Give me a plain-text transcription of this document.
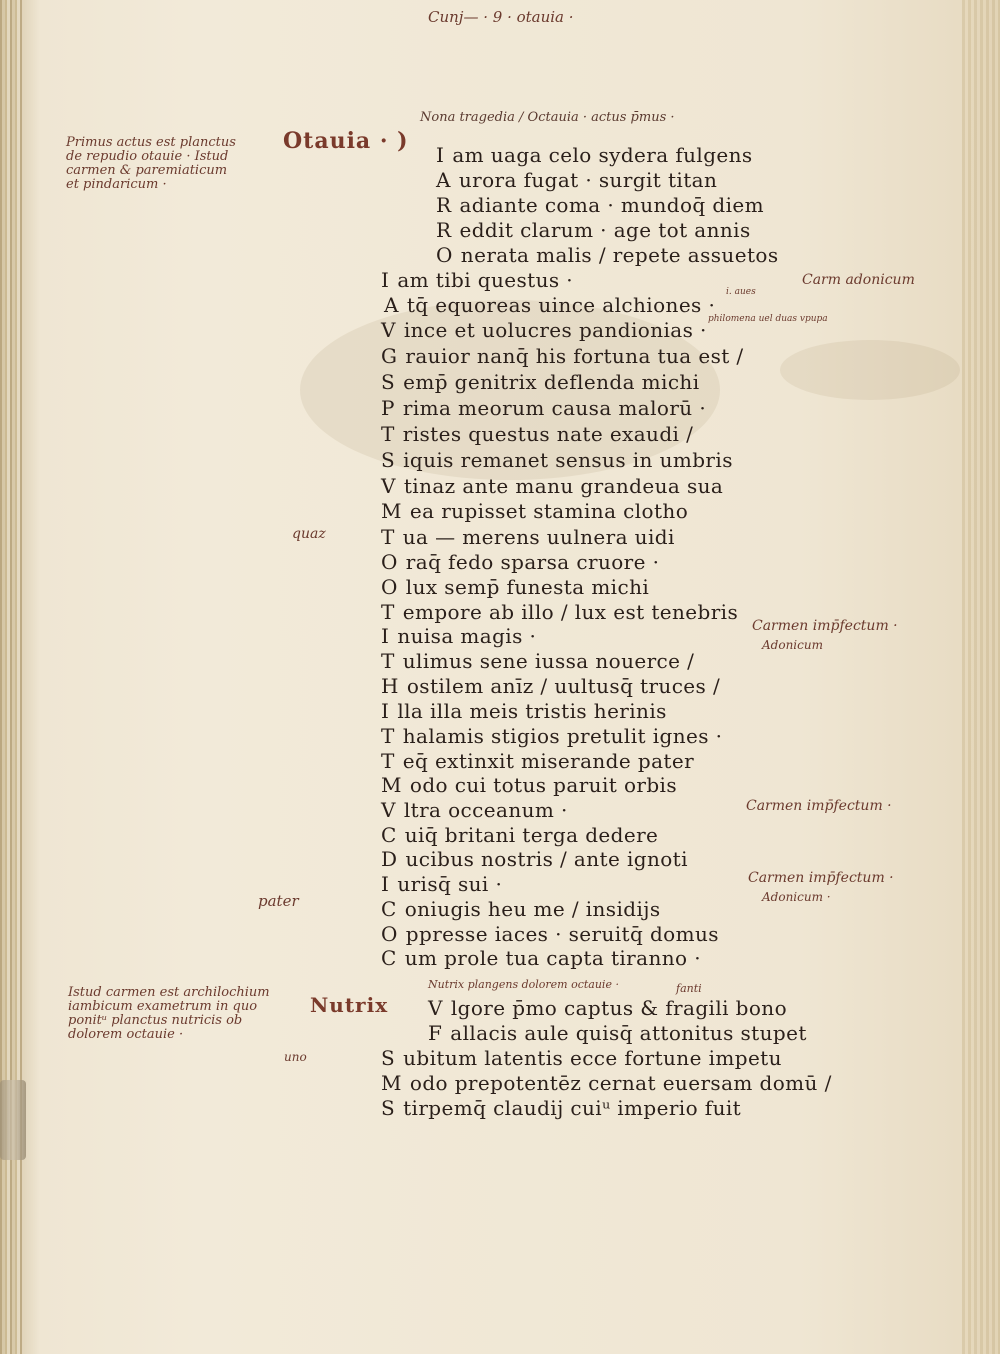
Cunj— · 9 · otauia ·
Nona tragedia / Octauia · actus p̄mus ·
Otauia · )
Nutrix
Primus actus est planctus
de repudio otauie · Istud
carmen & paremiaticum
et pindaricum ·
Istud carmen est archilochium
iambicum exametrum in quo
ponitᵘ planctus nutricis ob
dolorem octauie ·
quaz
pater
uno
Carm adonicum
Carmen imp̄fectum ·
Adonicum
Carmen imp̄fectum ·
Carmen imp̄fectum ·
Adonicum ·
i. aues
philomena uel duas vpupa
Nutrix plangens dolorem octauie ·	fanti
I am uaga celo sydera fulgens
A urora fugat · surgit titan
R adiante coma · mundoq̄ diem
R eddit clarum · age tot annis
O nerata malis / repete assuetos
I am tibi questus ·
A tq̄ equoreas uince alchiones ·
V ince et uolucres pandionias ·
G rauior nanq̄ his fortuna tua est /
S emp̄ genitrix deflenda michi
P rima meorum causa malorū ·
T ristes questus nate exaudi /
S iquis remanet sensus in umbris
V tinaz ante manu grandeua sua
M ea rupisset stamina clotho
T ua — merens uulnera uidi
O raq̄ fedo sparsa cruore ·
O lux semp̄ funesta michi
T empore ab illo / lux est tenebris
I nuisa magis ·
T ulimus sene iussa nouerce /
H ostilem anīz / uultusq̄ truces /
I lla illa meis tristis herinis
T halamis stigios pretulit ignes ·
T eq̄ extinxit miserande pater
M odo cui totus paruit orbis
V ltra occeanum ·
C uiq̄ britani terga dedere
D ucibus nostris / ante ignoti
I urisq̄ sui ·
C oniugis heu me / insidijs
O ppresse iaces · seruitq̄ domus
C um prole tua capta tiranno ·
V lgore p̄mo captus & fragili bono
F allacis aule quisq̄ attonitus stupet
S ubitum latentis ecce fortune impetu
M odo prepotentēz cernat euersam domū /
S tirpemq̄ claudij cuiᵘ imperio fuit
